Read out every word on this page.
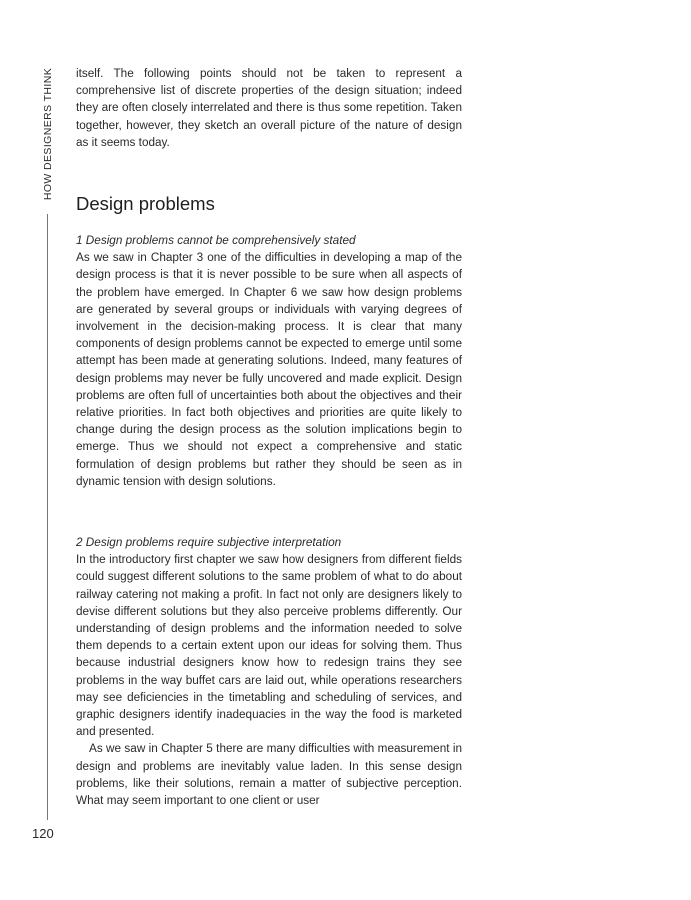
HOW DESIGNERS THINK
120

itself. The following points should not be taken to represent a comprehensive list of discrete properties of the design situation; indeed they are often closely interrelated and there is thus some repetition. Taken together, however, they sketch an overall picture of the nature of design as it seems today.

Design problems

1 Design problems cannot be comprehensively stated

As we saw in Chapter 3 one of the difficulties in developing a map of the design process is that it is never possible to be sure when all aspects of the problem have emerged. In Chapter 6 we saw how design problems are generated by several groups or individuals with varying degrees of involvement in the decision-making process. It is clear that many components of design problems cannot be expected to emerge until some attempt has been made at generating solutions. Indeed, many features of design problems may never be fully uncovered and made explicit. Design problems are often full of uncertainties both about the objectives and their relative priorities. In fact both objectives and priorities are quite likely to change during the design process as the solution implications begin to emerge. Thus we should not expect a comprehensive and static formulation of design problems but rather they should be seen as in dynamic tension with design solutions.

2 Design problems require subjective interpretation

In the introductory first chapter we saw how designers from different fields could suggest different solutions to the same problem of what to do about railway catering not making a profit. In fact not only are designers likely to devise different solutions but they also perceive problems differently. Our understanding of design problems and the information needed to solve them depends to a certain extent upon our ideas for solving them. Thus because industrial designers know how to redesign trains they see problems in the way buffet cars are laid out, while operations researchers may see deficiencies in the timetabling and scheduling of services, and graphic designers identify inadequacies in the way the food is marketed and presented.

As we saw in Chapter 5 there are many difficulties with measurement in design and problems are inevitably value laden. In this sense design problems, like their solutions, remain a matter of subjective perception. What may seem important to one client or user
